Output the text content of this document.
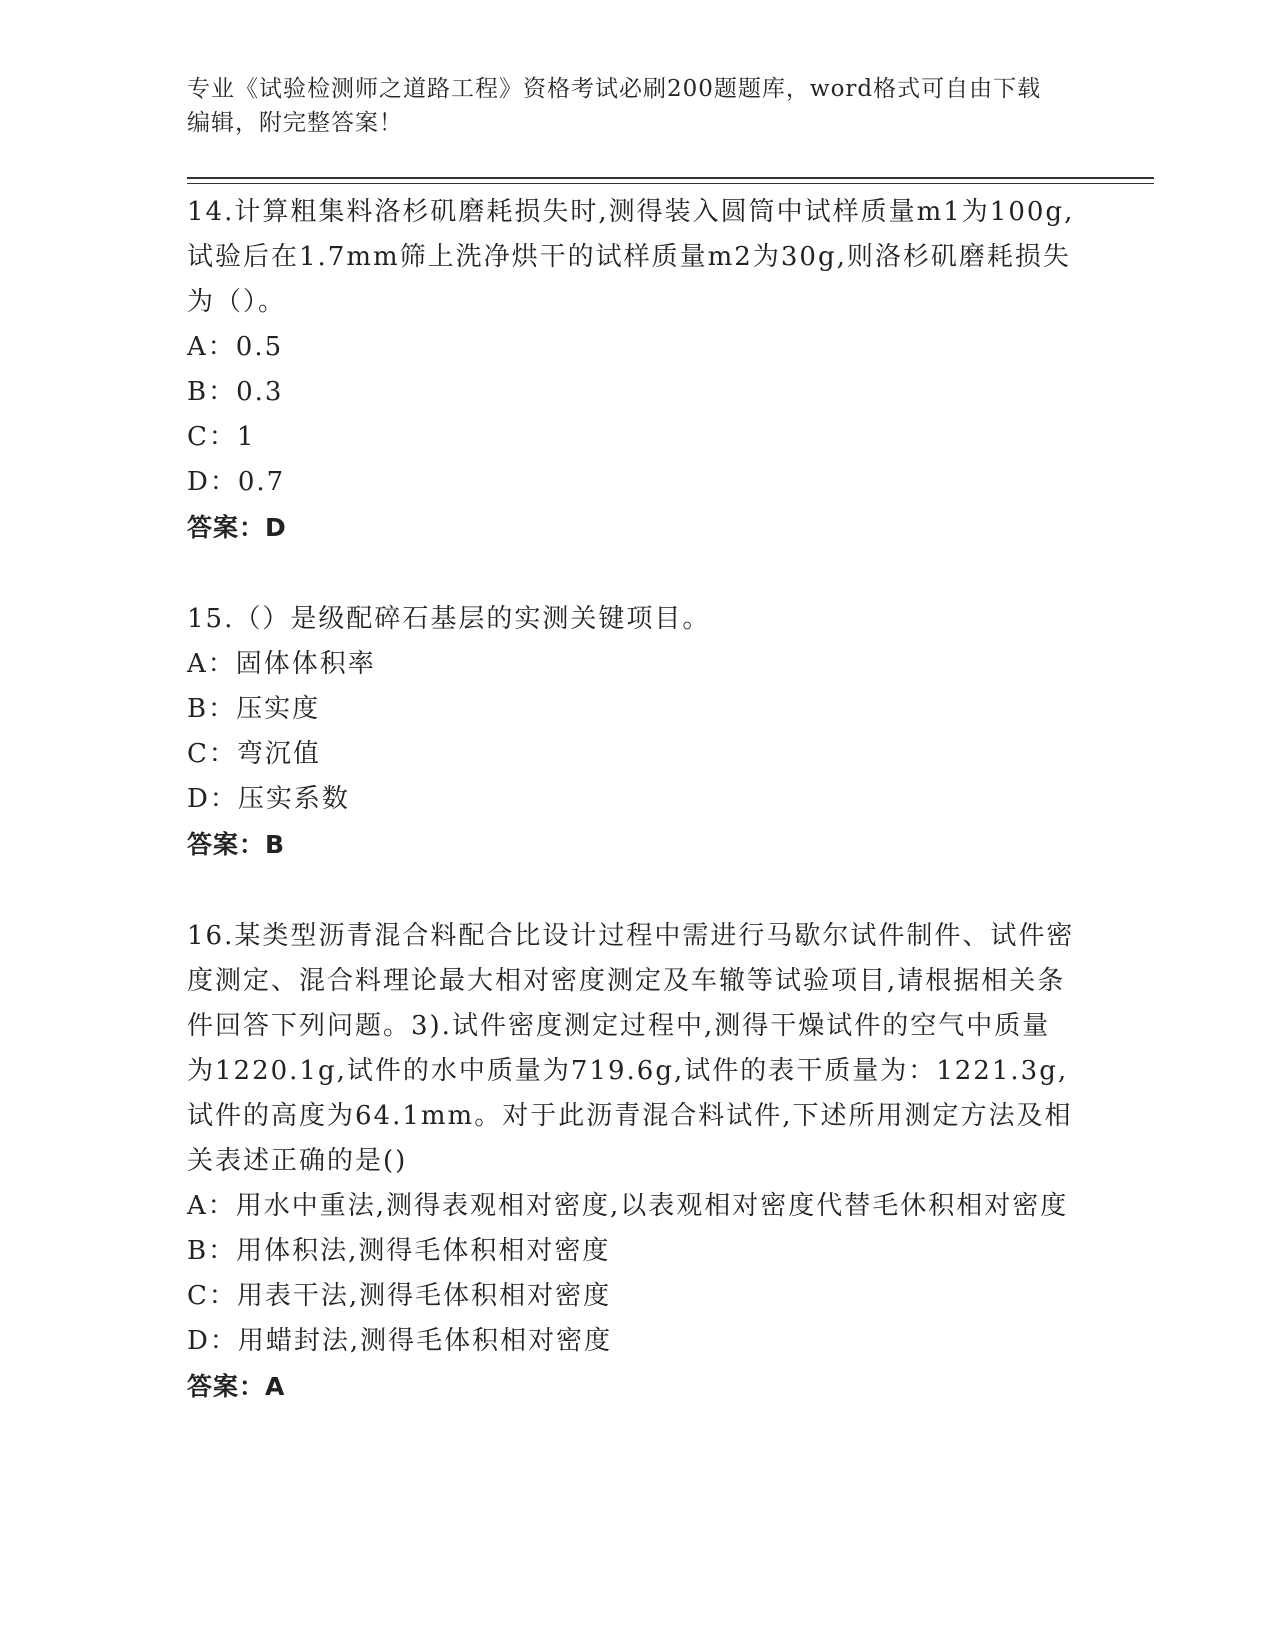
专业《试验检测师之道路工程》资格考试必刷200题题库，word格式可自由下载
编辑，附完整答案！

14.计算粗集料洛杉矶磨耗损失时,测得装入圆筒中试样质量m1为100g,试验后在1.7mm筛上洗净烘干的试样质量m2为30g,则洛杉矶磨耗损失为（）。

A： 0.5
B： 0.3
C： 1
D： 0.7

答案：D

15.（）是级配碎石基层的实测关键项目。

A： 固体体积率
B： 压实度
C： 弯沉值
D： 压实系数

答案：B

16.某类型沥青混合料配合比设计过程中需进行马歇尔试件制件、试件密度测定、混合料理论最大相对密度测定及车辙等试验项目,请根据相关条件回答下列问题。3).试件密度测定过程中,测得干燥试件的空气中质量为1220.1g,试件的水中质量为719.6g,试件的表干质量为：1221.3g,试件的高度为64.1mm。对于此沥青混合料试件,下述所用测定方法及相关表述正确的是()

A： 用水中重法,测得表观相对密度,以表观相对密度代替毛休积相对密度
B： 用体积法,测得毛体积相对密度
C： 用表干法,测得毛体积相对密度
D： 用蜡封法,测得毛体积相对密度

答案：A
